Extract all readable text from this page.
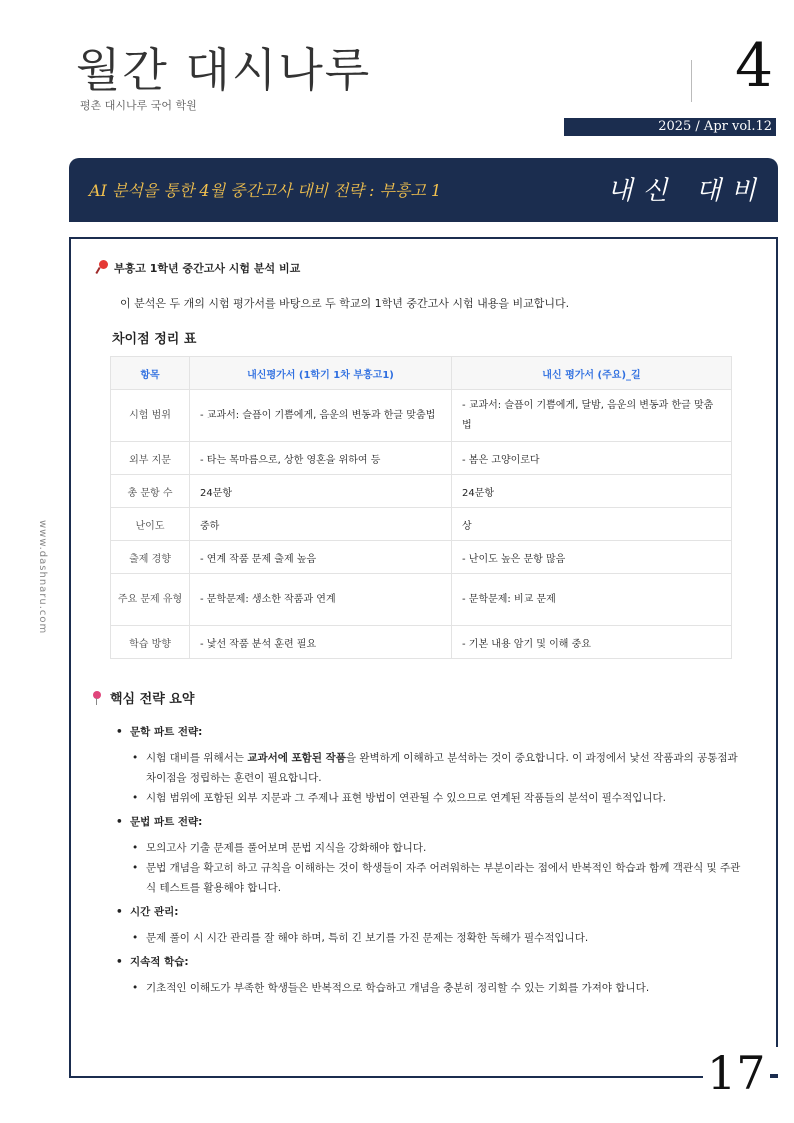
월간 대시나루
평촌 대시나루 국어 학원
4
2025 / Apr vol.12
AI 분석을 통한 4월 중간고사 대비 전략 : 부흥고 1	내신 대비
www.dashnaru.com
부흥고 1학년 중간고사 시험 분석 비교
이 분석은 두 개의 시험 평가서를 바탕으로 두 학교의 1학년 중간고사 시험 내용을 비교합니다.
차이점 정리 표
항목	내신평가서 (1학기 1차 부흥고1)	내신 평가서 (주요)_길
시험 범위	- 교과서: 슬픔이 기쁨에게, 음운의 변동과 한글 맞춤법	- 교과서: 슬픔이 기쁨에게, 달밤, 음운의 변동과 한글 맞춤법
외부 지문	- 타는 목마름으로, 상한 영혼을 위하여 등	- 봄은 고양이로다
총 문항 수	24문항	24문항
난이도	중하	상
출제 경향	- 연계 작품 문제 출제 높음	- 난이도 높은 문항 많음
주요 문제 유형	- 문학문제: 생소한 작품과 연계	- 문학문제: 비교 문제
학습 방향	- 낯선 작품 분석 훈련 필요	- 기본 내용 암기 및 이해 중요
핵심 전략 요약
• 문학 파트 전략:
• 시험 대비를 위해서는 교과서에 포함된 작품을 완벽하게 이해하고 분석하는 것이 중요합니다. 이 과정에서 낯선 작품과의 공통점과 차이점을 정립하는 훈련이 필요합니다.
• 시험 범위에 포함된 외부 지문과 그 주제나 표현 방법이 연관될 수 있으므로 연계된 작품들의 분석이 필수적입니다.
• 문법 파트 전략:
• 모의고사 기출 문제를 풀어보며 문법 지식을 강화해야 합니다.
• 문법 개념을 확고히 하고 규칙을 이해하는 것이 학생들이 자주 어려워하는 부분이라는 점에서 반복적인 학습과 함께 객관식 및 주관식 테스트를 활용해야 합니다.
• 시간 관리:
• 문제 풀이 시 시간 관리를 잘 해야 하며, 특히 긴 보기를 가진 문제는 정확한 독해가 필수적입니다.
• 지속적 학습:
• 기초적인 이해도가 부족한 학생들은 반복적으로 학습하고 개념을 충분히 정리할 수 있는 기회를 가져야 합니다.
17
